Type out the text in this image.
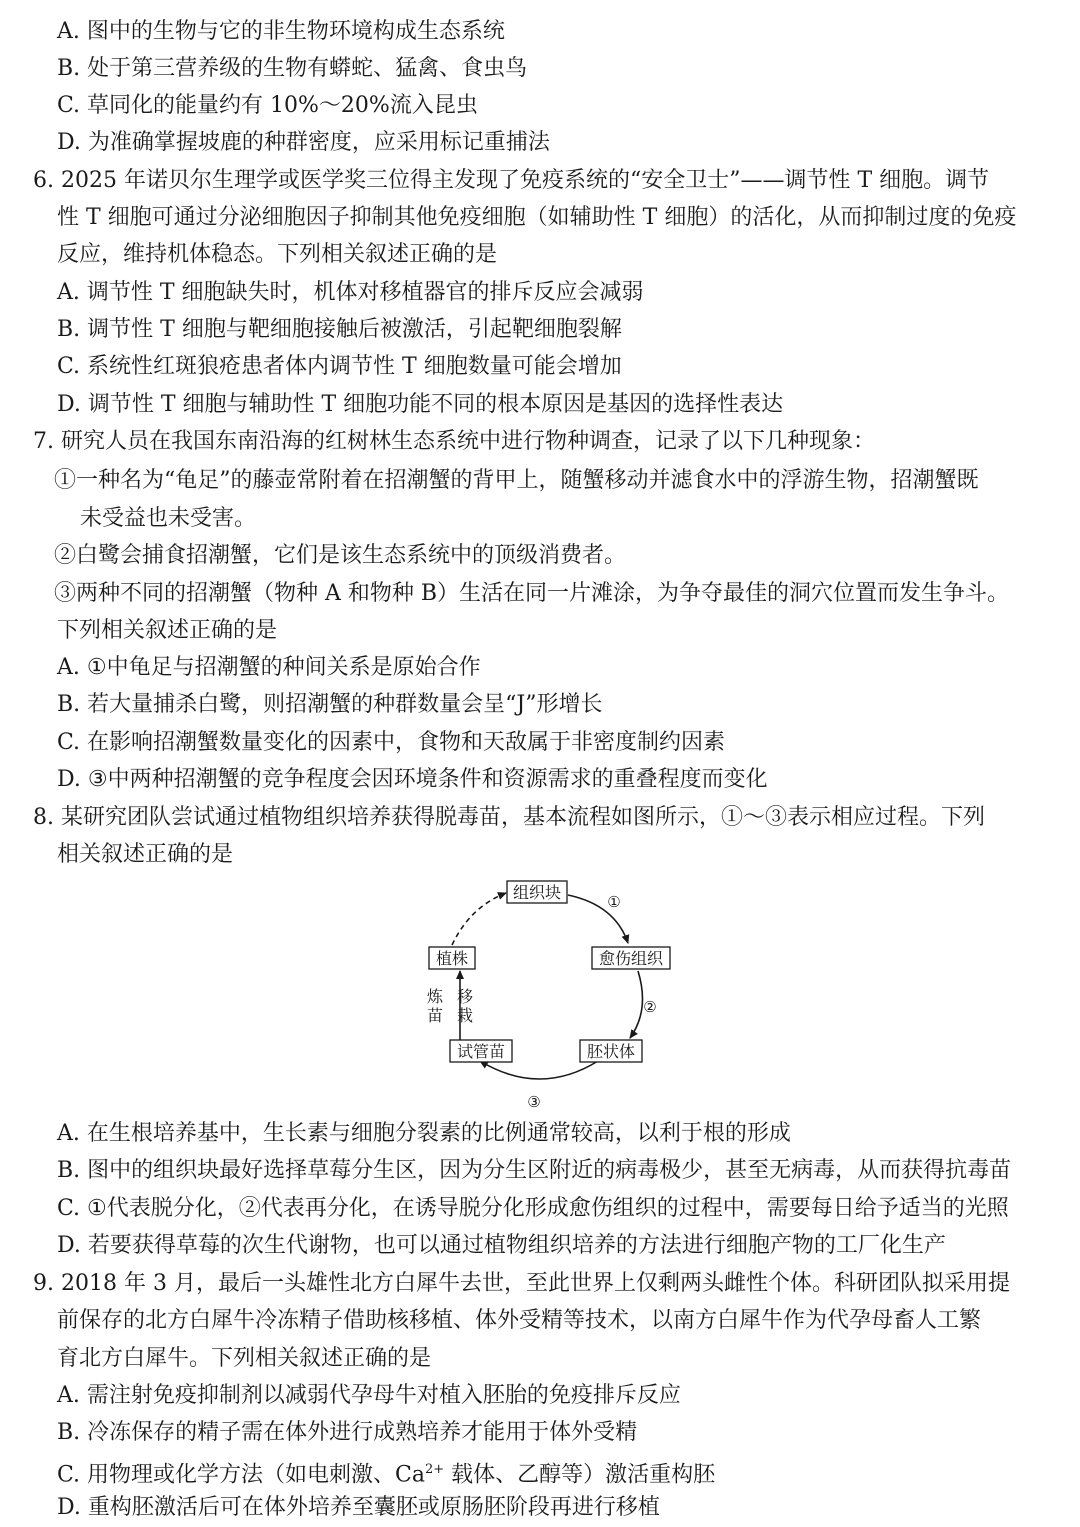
A. 图中的生物与它的非生物环境构成生态系统
B. 处于第三营养级的生物有蟒蛇、猛禽、食虫鸟
C. 草同化的能量约有 10%～20%流入昆虫
D. 为准确掌握坡鹿的种群密度，应采用标记重捕法
6. 2025 年诺贝尔生理学或医学奖三位得主发现了免疫系统的“安全卫士”——调节性 T 细胞。调节
性 T 细胞可通过分泌细胞因子抑制其他免疫细胞（如辅助性 T 细胞）的活化，从而抑制过度的免疫
反应，维持机体稳态。下列相关叙述正确的是
A. 调节性 T 细胞缺失时，机体对移植器官的排斥反应会减弱
B. 调节性 T 细胞与靶细胞接触后被激活，引起靶细胞裂解
C. 系统性红斑狼疮患者体内调节性 T 细胞数量可能会增加
D. 调节性 T 细胞与辅助性 T 细胞功能不同的根本原因是基因的选择性表达
7. 研究人员在我国东南沿海的红树林生态系统中进行物种调查，记录了以下几种现象：
①一种名为“龟足”的藤壶常附着在招潮蟹的背甲上，随蟹移动并滤食水中的浮游生物，招潮蟹既
未受益也未受害。
②白鹭会捕食招潮蟹，它们是该生态系统中的顶级消费者。
③两种不同的招潮蟹（物种 A 和物种 B）生活在同一片滩涂，为争夺最佳的洞穴位置而发生争斗。
下列相关叙述正确的是
A. ①中龟足与招潮蟹的种间关系是原始合作
B. 若大量捕杀白鹭，则招潮蟹的种群数量会呈“J”形增长
C. 在影响招潮蟹数量变化的因素中，食物和天敌属于非密度制约因素
D. ③中两种招潮蟹的竞争程度会因环境条件和资源需求的重叠程度而变化
8. 某研究团队尝试通过植物组织培养获得脱毒苗，基本流程如图所示，①～③表示相应过程。下列
相关叙述正确的是
组织块
愈伤组织
胚状体
试管苗
植株
①
②
③
炼
苗
移
栽
A. 在生根培养基中，生长素与细胞分裂素的比例通常较高，以利于根的形成
B. 图中的组织块最好选择草莓分生区，因为分生区附近的病毒极少，甚至无病毒，从而获得抗毒苗
C. ①代表脱分化，②代表再分化，在诱导脱分化形成愈伤组织的过程中，需要每日给予适当的光照
D. 若要获得草莓的次生代谢物，也可以通过植物组织培养的方法进行细胞产物的工厂化生产
9. 2018 年 3 月，最后一头雄性北方白犀牛去世，至此世界上仅剩两头雌性个体。科研团队拟采用提
前保存的北方白犀牛冷冻精子借助核移植、体外受精等技术，以南方白犀牛作为代孕母畜人工繁
育北方白犀牛。下列相关叙述正确的是
A. 需注射免疫抑制剂以减弱代孕母牛对植入胚胎的免疫排斥反应
B. 冷冻保存的精子需在体外进行成熟培养才能用于体外受精
C. 用物理或化学方法（如电刺激、$Ca^{2+}$ 载体、乙醇等）激活重构胚
D. 重构胚激活后可在体外培养至囊胚或原肠胚阶段再进行移植
